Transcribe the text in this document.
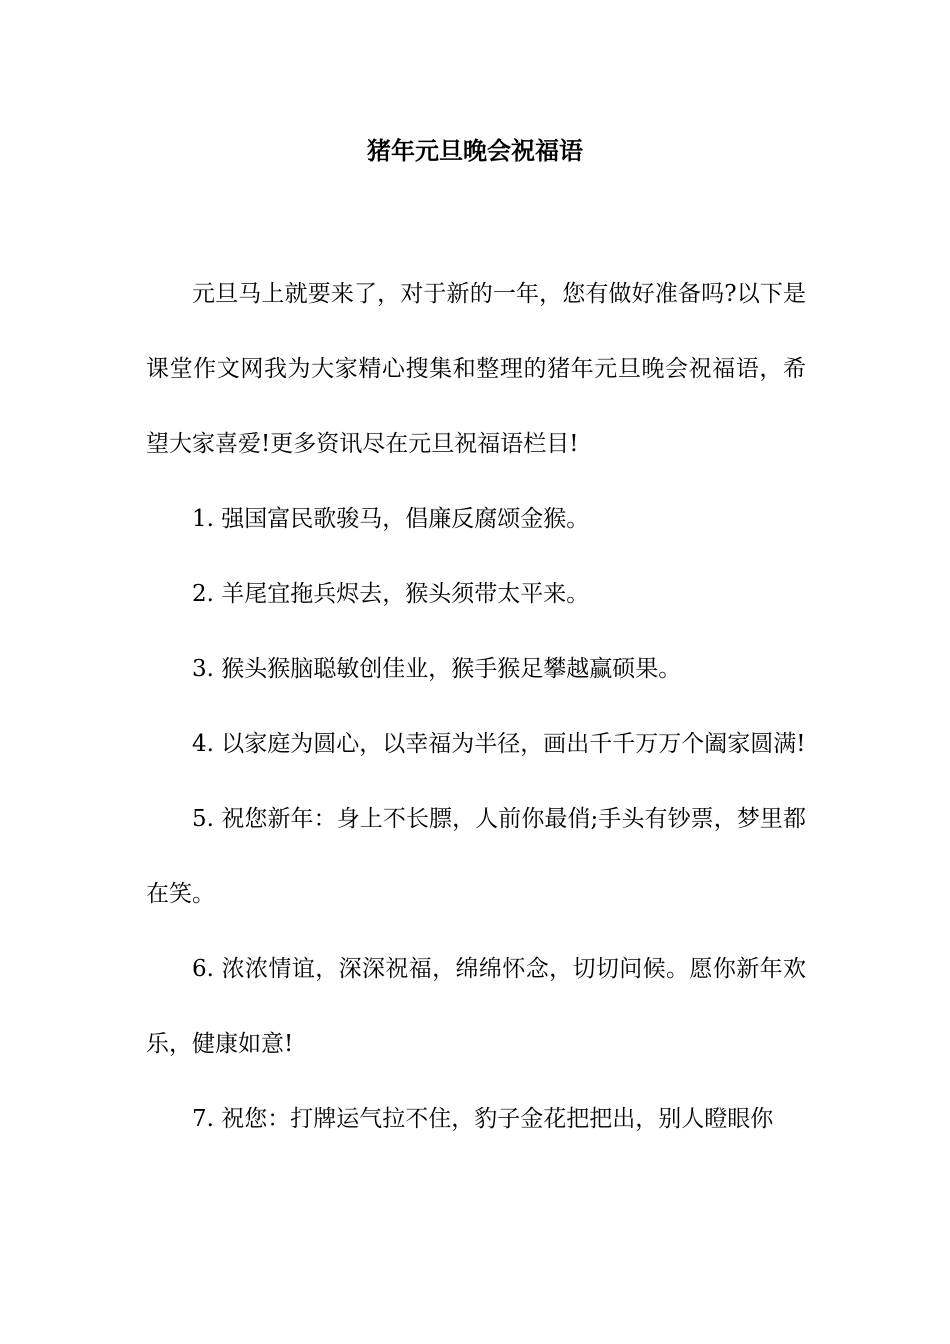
猪年元旦晚会祝福语

元旦马上就要来了，对于新的一年，您有做好准备吗?以下是课堂作文网我为大家精心搜集和整理的猪年元旦晚会祝福语，希望大家喜爱!更多资讯尽在元旦祝福语栏目!

1. 强国富民歌骏马，倡廉反腐颂金猴。

2. 羊尾宜拖兵烬去，猴头须带太平来。

3. 猴头猴脑聪敏创佳业，猴手猴足攀越赢硕果。

4. 以家庭为圆心，以幸福为半径，画出千千万万个阖家圆满!

5. 祝您新年：身上不长膘，人前你最俏;手头有钞票，梦里都在笑。

6. 浓浓情谊，深深祝福，绵绵怀念，切切问候。愿你新年欢乐，健康如意!

7. 祝您：打牌运气拉不住，豹子金花把把出，别人瞪眼你
